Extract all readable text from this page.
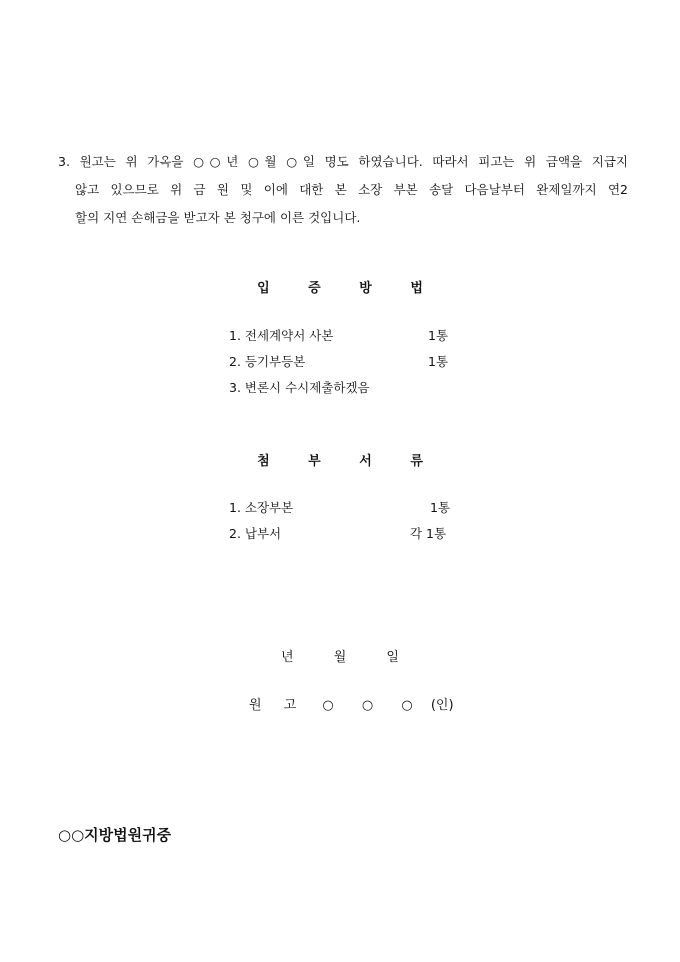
3. 원고는 위 가옥을 ○○년 ○월 ○일 명도 하였습니다. 따라서 피고는 위 금액을 지급지
않고 있으므로 위 금 원 및 이에 대한 본 소장 부본 송달 다음날부터 완제일까지 연2
할의 지연 손해금을 받고자 본 청구에 이른 것입니다.
입	증	방	법
1. 전세계약서 사본	1통
2. 등기부등본	1통
3. 변론시 수시제출하겠음
첨	부	서	류
1. 소장부본	1통
2. 납부서	각 1통
년	월	일
원 고 ○ ○ ○ (인)
○○지방법원귀중
